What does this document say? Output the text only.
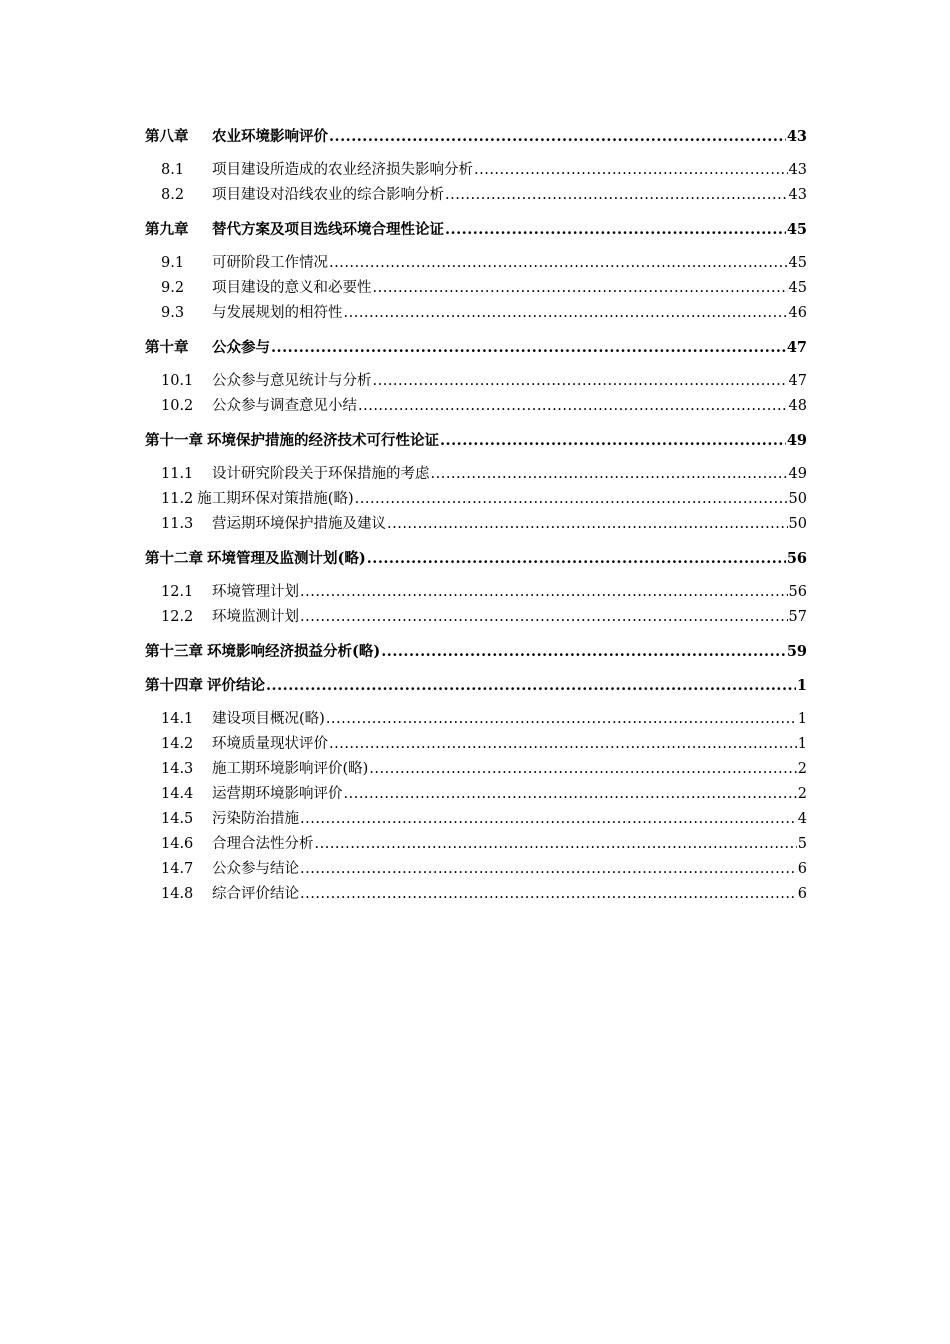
第八章	农业环境影响评价 .....	43
8.1	项目建设所造成的农业经济损失影响分析 .....	43
8.2	项目建设对沿线农业的综合影响分析 .....	43
第九章	替代方案及项目选线环境合理性论证 .....	45
9.1	可研阶段工作情况 .....	45
9.2	项目建设的意义和必要性 .....	45
9.3	与发展规划的相符性 .....	46
第十章	公众参与 .....	47
10.1	公众参与意见统计与分析 .....	47
10.2	公众参与调查意见小结 .....	48
第十一章 环境保护措施的经济技术可行性论证 .....	49
11.1	设计研究阶段关于环保措施的考虑 .....	49
11.2 施工期环保对策措施(略) .....	50
11.3	营运期环境保护措施及建议 .....	50
第十二章 环境管理及监测计划(略) .....	56
12.1	环境管理计划 .....	56
12.2	环境监测计划 .....	57
第十三章 环境影响经济损益分析(略) .....	59
第十四章 评价结论 .....	1
14.1	建设项目概况(略) .....	1
14.2	环境质量现状评价 .....	1
14.3	施工期环境影响评价(略) .....	2
14.4	运营期环境影响评价 .....	2
14.5	污染防治措施 .....	4
14.6	合理合法性分析 .....	5
14.7	公众参与结论 .....	6
14.8	综合评价结论 .....	6
